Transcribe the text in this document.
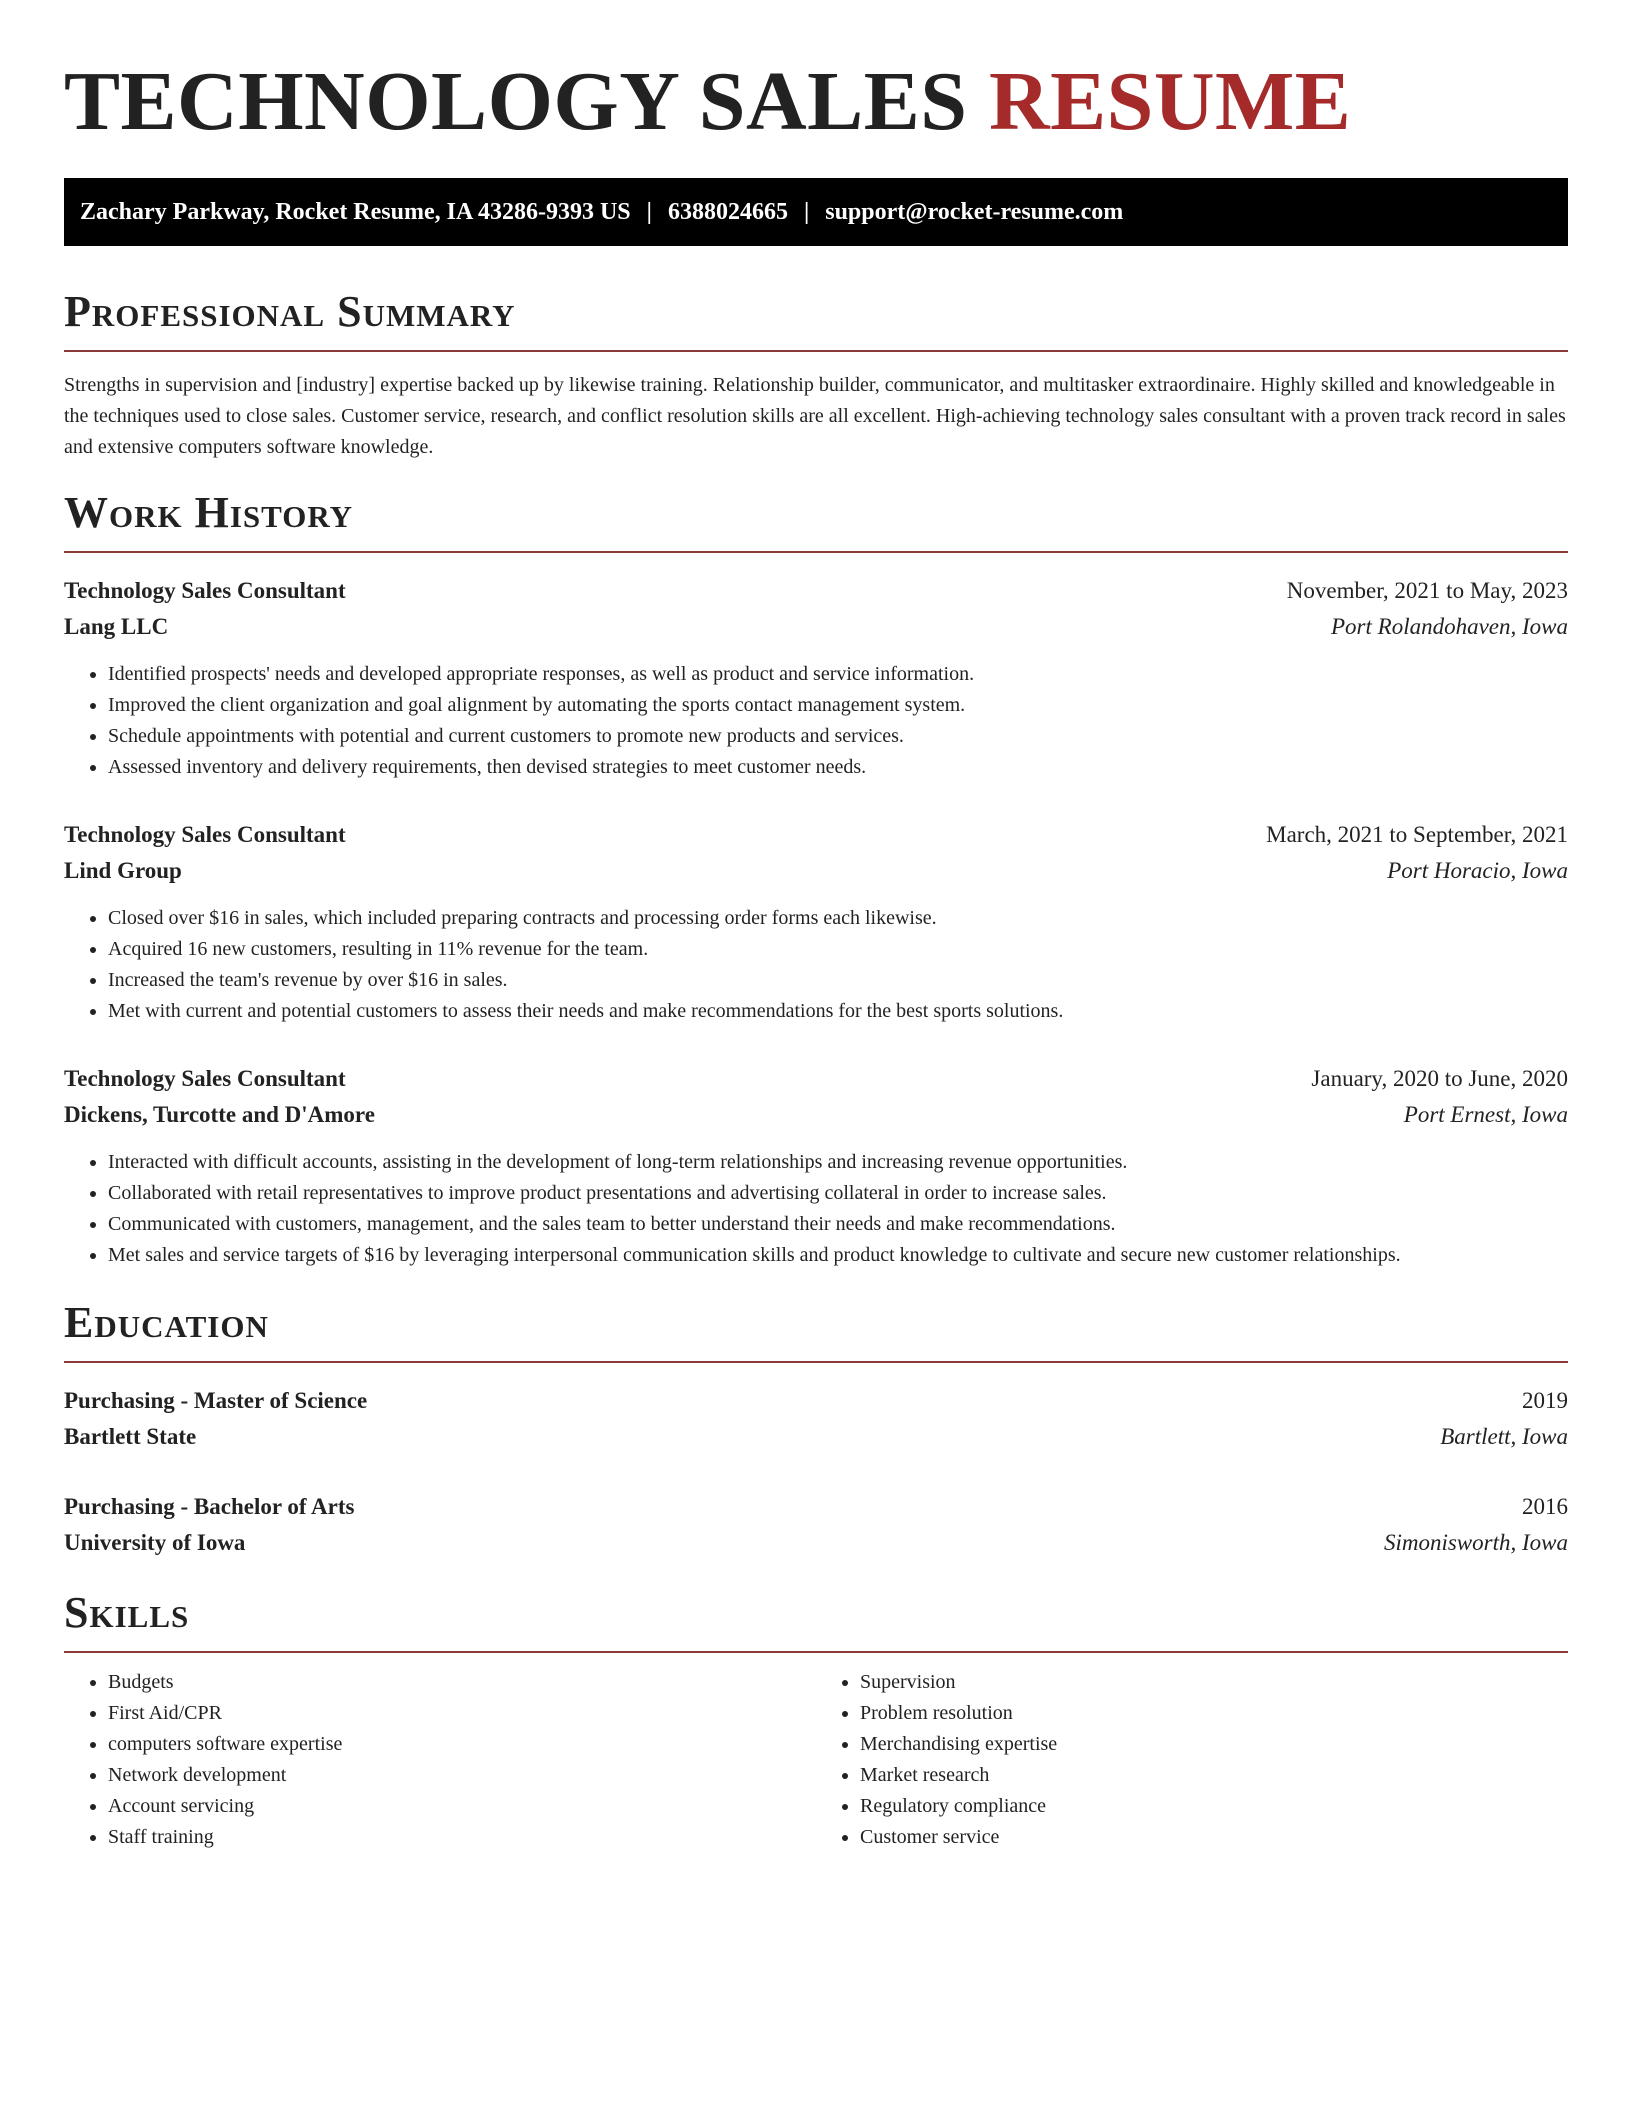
TECHNOLOGY SALES RESUME
Zachary Parkway, Rocket Resume, IA 43286-9393 US | 6388024665 | support@rocket-resume.com
Professional Summary

Strengths in supervision and [industry] expertise backed up by likewise training. Relationship builder, communicator, and multitasker extraordinaire. Highly skilled and knowledgeable in the techniques used to close sales. Customer service, research, and conflict resolution skills are all excellent. High-achieving technology sales consultant with a proven track record in sales and extensive computers software knowledge.

Work History
Technology Sales Consultant	November, 2021 to May, 2023
Lang LLC	Port Rolandohaven, Iowa
• Identified prospects' needs and developed appropriate responses, as well as product and service information.
• Improved the client organization and goal alignment by automating the sports contact management system.
• Schedule appointments with potential and current customers to promote new products and services.
• Assessed inventory and delivery requirements, then devised strategies to meet customer needs.
Technology Sales Consultant	March, 2021 to September, 2021
Lind Group	Port Horacio, Iowa
• Closed over $16 in sales, which included preparing contracts and processing order forms each likewise.
• Acquired 16 new customers, resulting in 11% revenue for the team.
• Increased the team's revenue by over $16 in sales.
• Met with current and potential customers to assess their needs and make recommendations for the best sports solutions.
Technology Sales Consultant	January, 2020 to June, 2020
Dickens, Turcotte and D'Amore	Port Ernest, Iowa
• Interacted with difficult accounts, assisting in the development of long-term relationships and increasing revenue opportunities.
• Collaborated with retail representatives to improve product presentations and advertising collateral in order to increase sales.
• Communicated with customers, management, and the sales team to better understand their needs and make recommendations.
• Met sales and service targets of $16 by leveraging interpersonal communication skills and product knowledge to cultivate and secure new customer relationships.
Education
Purchasing - Master of Science	2019
Bartlett State	Bartlett, Iowa
Purchasing - Bachelor of Arts	2016
University of Iowa	Simonisworth, Iowa
Skills
• Budgets
• First Aid/CPR
• computers software expertise
• Network development
• Account servicing
• Staff training
• Supervision
• Problem resolution
• Merchandising expertise
• Market research
• Regulatory compliance
• Customer service
